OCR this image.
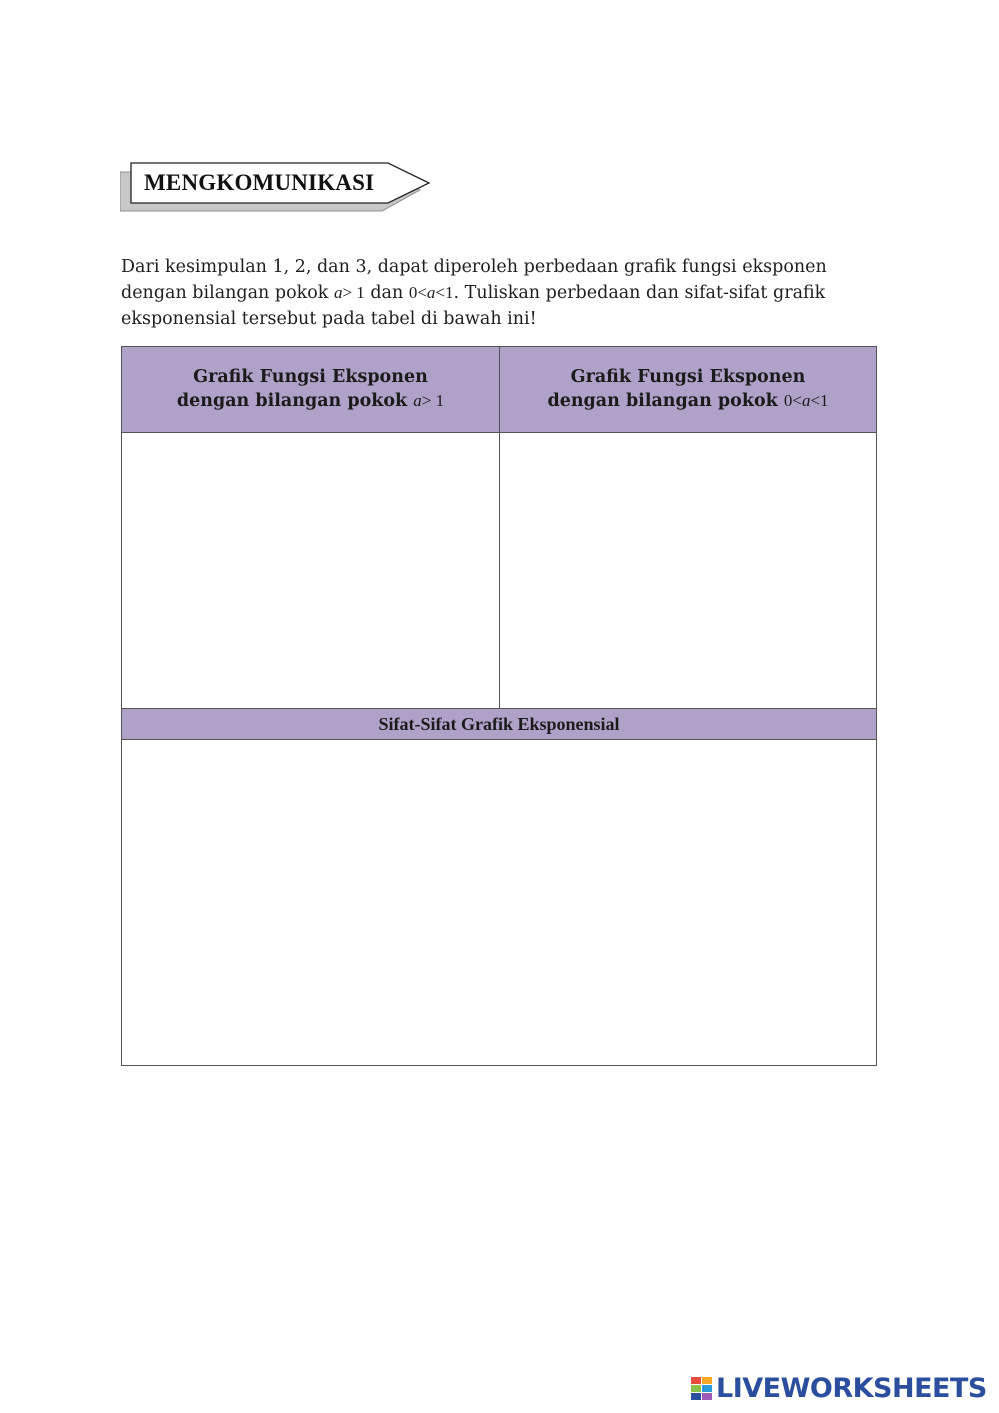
MENGKOMUNIKASI
Dari kesimpulan 1, 2, dan 3, dapat diperoleh perbedaan grafik fungsi eksponen dengan bilangan pokok a> 1 dan 0<a<1. Tuliskan perbedaan dan sifat-sifat grafik eksponensial tersebut pada tabel di bawah ini!
Grafik Fungsi Eksponen
dengan bilangan pokok a> 1
Grafik Fungsi Eksponen
dengan bilangan pokok 0<a<1
Sifat-Sifat Grafik Eksponensial
LIVEWORKSHEETS
